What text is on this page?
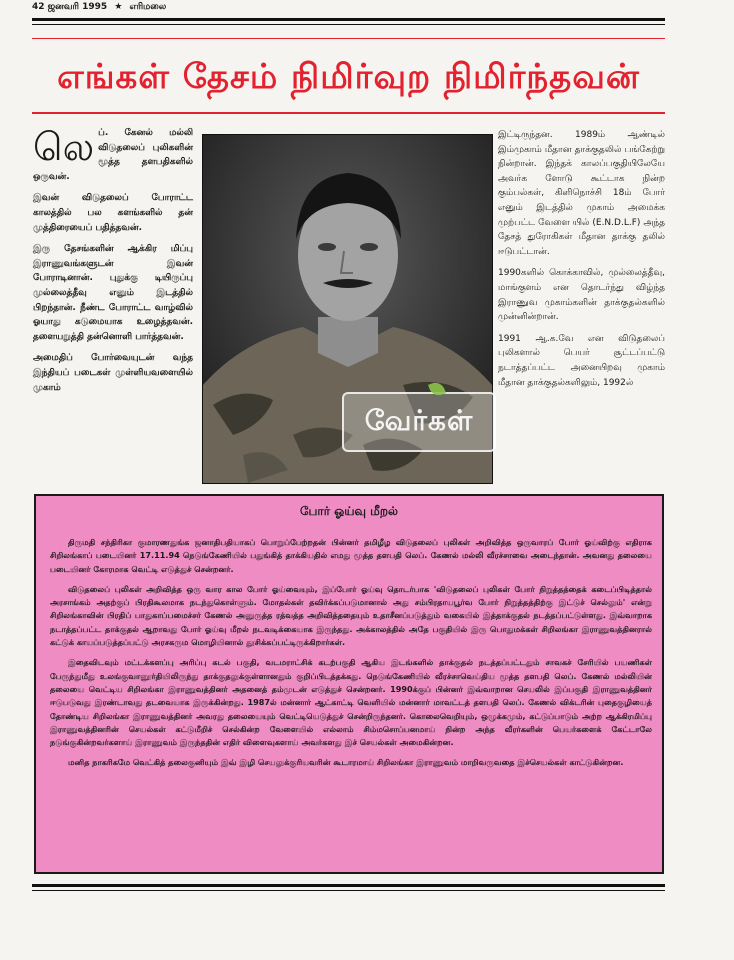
42 ஜனவரி 1995 ★ எரிமலை
எங்கள் தேசம் நிமிர்வுற நிமிர்ந்தவன்

லெப். கேனல் மல்லி விடுதலைப் புலிகளின் மூத்த தளபதிகளில் ஒருவன்.

இவன் விடுதலைப் போராட்ட காலத்தில் பல களங்களில் தன் முத்திரையைப் பதித்தவன்.

இரு தேசங்களின் ஆக்கிர மிப்பு இராணுவங்களுடன் இவன் போராடினான். புதுக்கு டியிருப்பு முல்லைத்தீவு எனும் இடத்தில் பிறந்தான். நீண்ட போராட்ட வாழ்வில் ஓயாது கடுமையாக உழைத்தவன். தளையறுத்தி தன்னொளி பார்த்தவன்.

அமைதிப் போர்வையுடன் வந்த இந்தியப் படைகள் முள்ளியவளையில் முகாம்

வேர்கள்

இட்டிருந்தன. 1989ம் ஆண்டில் இம்முகாம் மீதான தாக்குதலில் பங்கேற்று நின்றான். இந்தக் காலப்பகுதியிலேயே அவர்க ளோடு கூட்டாக நின்ற கும்பல்கள், கிளிநொச்சி 18ம் போர் எனும் இடத்தில் முகாம் அமைக்க முற்பட்ட வேளை யில் (E.N.D.L.F) அந்த தேசத் துரோகிகள் மீதான தாக்கு தலில் ஈடுபட்டான்.

1990களில் கொக்காவில், முல்லைத்தீவு, மாங்குளம் என தொடர்ந்து விழ்ந்த இராணுவ முகாம்களின் தாக்குதல்களில் முன்னின்றான்.

1991 ஆ.க.வே என விடுதலைப் புலிகளால் பெயர் சூட்டப்பட்டு நடாத்தப்பட்ட அனையிறவு முகாம் மீதான தாக்குதல்களிலும், 1992ல்

போர் ஓய்வு மீறல்

திருமதி சந்திரிகா குமாரணதுங்க ஜனாதிபதியாகப் பொறுப்பேற்றதன் பின்னர் தமிழீழ விடுதலைப் புலிகள் அறிவித்த ஒருவாரப் போர் ஓய்விற்கு எதிராக சிறிலங்காப் படையினர் 17.11.94 நெடுங்கேணியில் பதுங்கித் தாக்கியதில் எமது மூத்த தளபதி லெப். கேணல் மல்லி வீரச்சாவை அடைந்தான். அவனது தலையை படையினர் கோரமாக வெட்டி எடுத்துச் சென்றனர்.

விடுதலைப் புலிகள் அறிவித்த ஒரு வார கால போர் ஓய்வையும், இப்போர் ஓய்வு தொடர்பாக 'விடுதலைப் புலிகள் போர் நிறுத்தத்தைக் கடைப்பிடித்தால் அரசாங்கம் அதற்குப் பிரதிகூலமாக நடந்துகொள்ளும். மோதல்கள் தவிர்க்கப்படுமானால் அது சம்பிரதாயபூர்வ போர் நிறுத்தத்திற்கு இட்டுச் செல்லும்' என்று சிறிலங்காவின் பிரதிப் பாதுகாப்பமைச்சர் கேணல் அனுருத்த ரத்வத்த அறிவித்ததையும் உதாசீனப்படுத்தும் வகையில் இத்தாக்குதல் நடத்தப்பட்டுள்ளது. இவ்வாறாக நடாத்தப்பட்ட தாக்குதல் ஆறாவது போர் ஓய்வு மீறல் நடவடிக்கையாக இருந்தது. அக்காலத்தில் அதே பகுதியில் இரு பொதுமக்கள் சிறிலங்கா இராணுவத்தினரால் கட்டுக் காயப்படுத்தப்பட்டு அரசகரும மொழியினால் தூசிக்கப்பட்டிருக்கிறார்கள்.

இதைவிடவும் மட்டக்களப்பு அரிப்பு கடல் பகுதி, வடமராட்சிக் கடற்பகுதி ஆகிய இடங்களில் தாக்குதல் நடத்தப்பட்டதும் சாவகச் சேரியில் பயணிகள் பேருந்துமீது உலங்குவானூர்தியிலிருந்து தாக்குதலுக்குள்ளானதும் குறிப்பிடத்தக்கது. நெடுங்கேணியில் வீரச்சாவெய்திய மூத்த தளபதி லெப். கேணல் மல்லியின் தலையை வெட்டிய சிறிலங்கா இராணுவத்தினர் அதனைத் தம்முடன் எடுத்துச் சென்றனர். 1990க்குப் பின்னர் இவ்வாறான செயலில் இப்பகுதி இராணுவத்தினர் ஈடுபடுவது இரண்டாவது தடவையாக இருக்கின்றது. 1987ல் மன்னார் ஆட்காட்டி வெளியில் மன்னார் மாவட்டத் தளபதி லெப். கேணல் விக்டரின் புதைகுழியைத் தோண்டிய சிறிலங்கா இராணுவத்தினர் அவரது தலையையும் வெட்டியெடுத்துச் சென்றிருந்தனர். கொலைவெறியும், ஒழுக்கமும், கட்டுப்பாடும் அற்ற ஆக்கிரமிப்பு இராணுவத்தினரின் செயல்கள் கட்டுமீறிச் செல்கின்ற வேளையில் எல்லாம் சிம்மசொப்பனமாய் நின்ற அந்த வீரர்களின் பெயர்களைக் கேட்டாலே நடுங்குகின்றவர்களாய் இராணுவம் இருந்ததின் எதிர் விளைவுகளாய் அவர்களது இச் செயல்கள் அமைகின்றன.

மனித நாகரிகமே வெட்கித் தலைகுனியும் இவ் இழி செயலுக்குரியவரின் கூடாரமாய் சிறிலங்கா இராணுவம் மாறிவருவதை இச்செயல்கள் காட்டுகின்றன.
